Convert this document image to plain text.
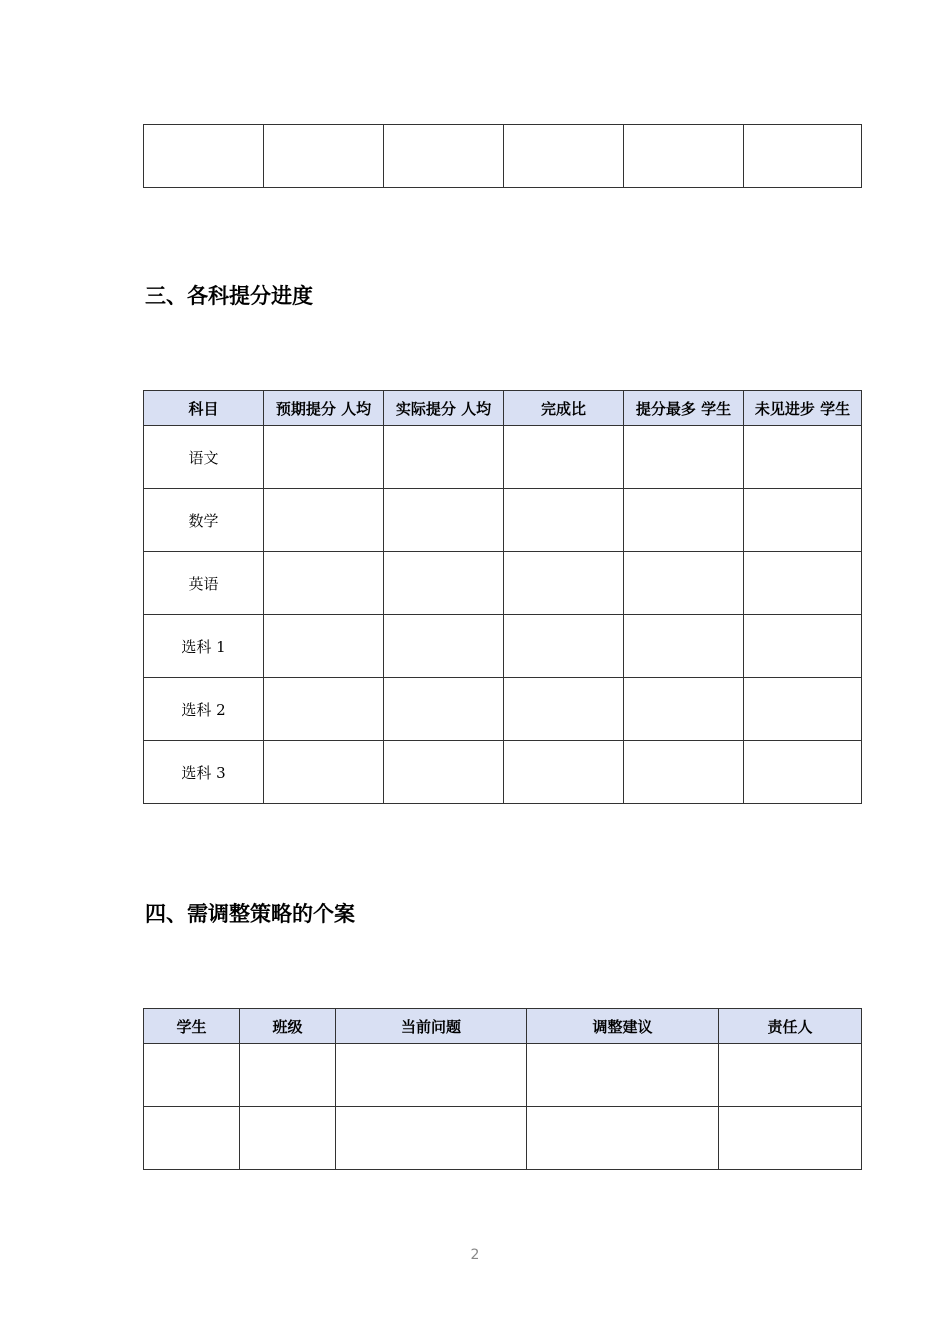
三、各科提分进度
科目	预期提分 人均	实际提分 人均	完成比	提分最多 学生	未见进步 学生
语文					
数学					
英语					
选科 1					
选科 2					
选科 3					
四、需调整策略的个案
学生	班级	当前问题	调整建议	责任人

2
